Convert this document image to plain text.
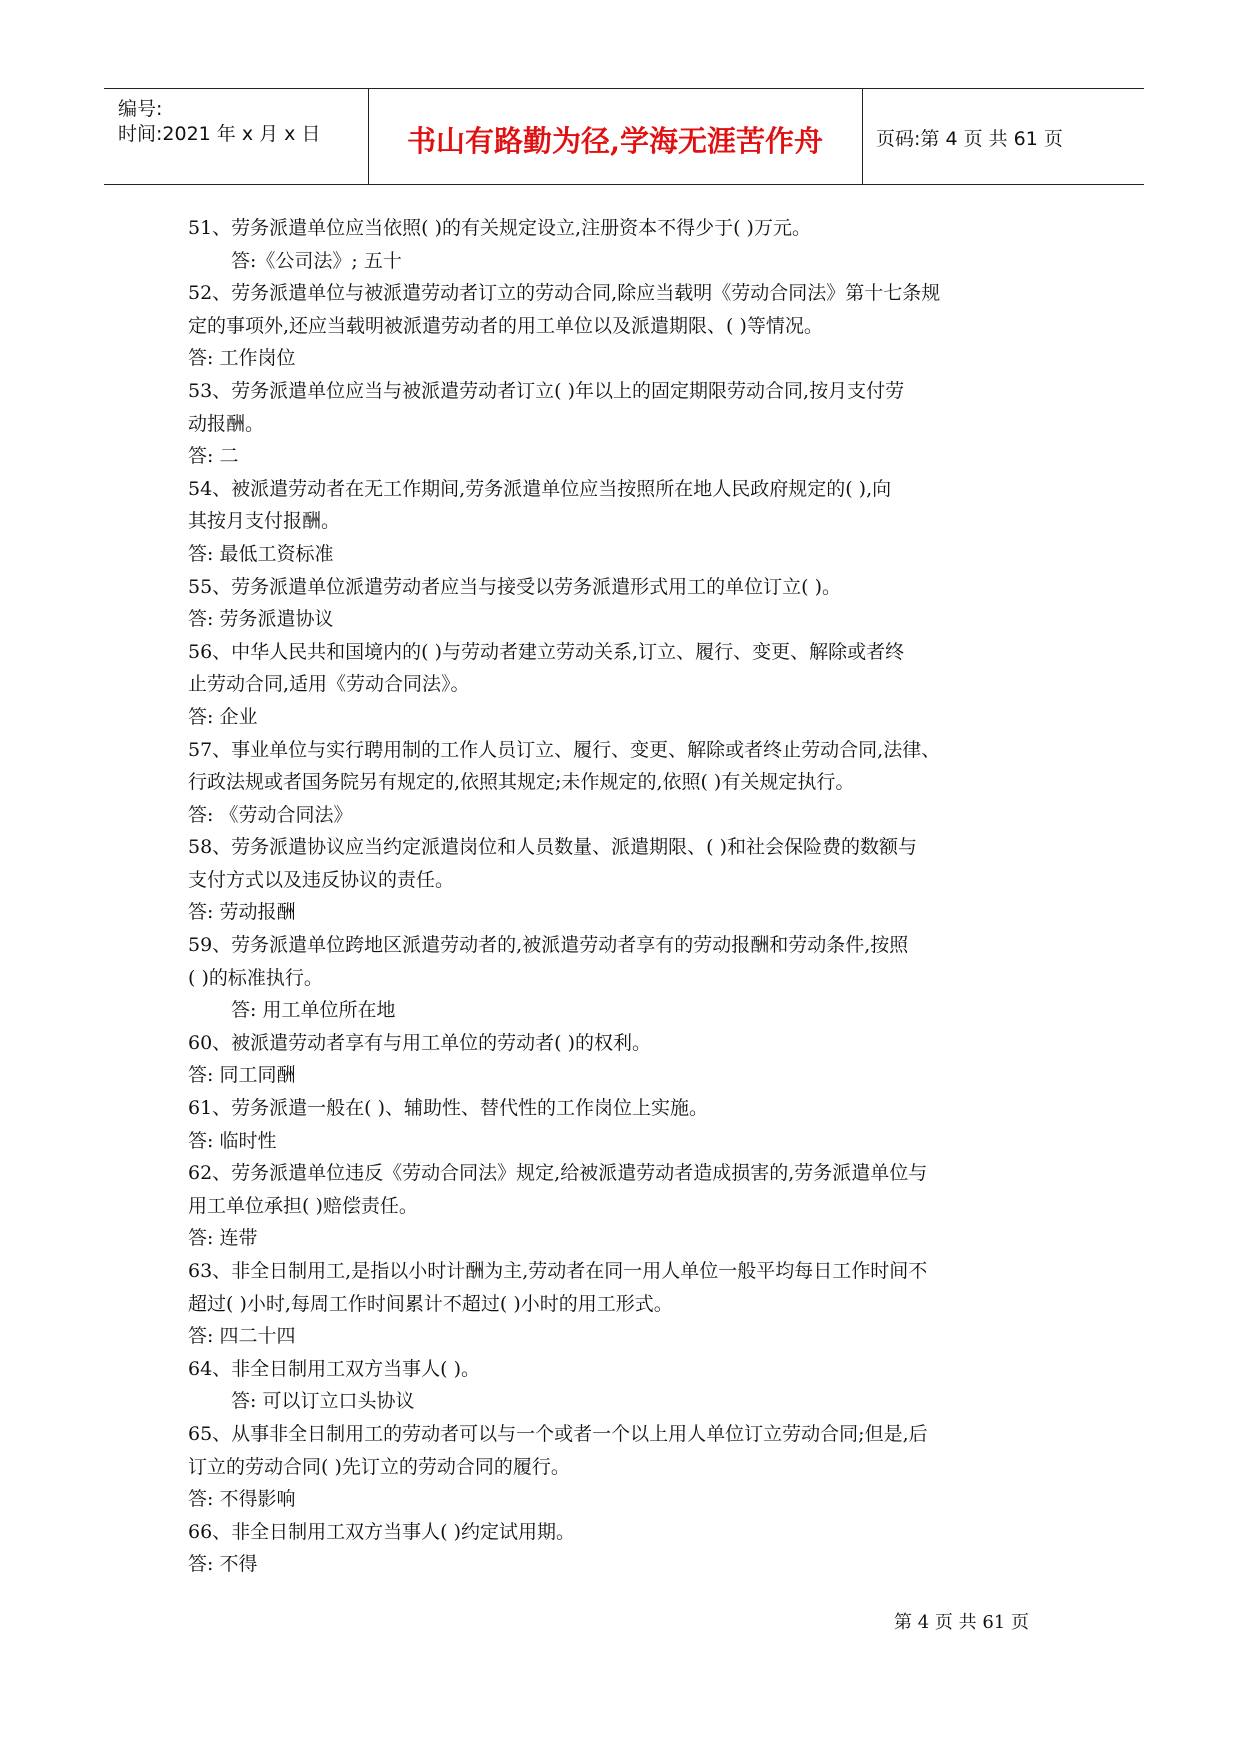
编号:
时间:2021 年 x 月 x 日	书山有路勤为径,学海无涯苦作舟	页码:第 4 页 共 61 页

51、劳务派遣单位应当依照( )的有关规定设立,注册资本不得少于( )万元。

答:《公司法》; 五十

52、劳务派遣单位与被派遣劳动者订立的劳动合同,除应当载明《劳动合同法》第十七条规

定的事项外,还应当载明被派遣劳动者的用工单位以及派遣期限、( )等情况。

答: 工作岗位

53、劳务派遣单位应当与被派遣劳动者订立( )年以上的固定期限劳动合同,按月支付劳

动报酬。

答: 二

54、被派遣劳动者在无工作期间,劳务派遣单位应当按照所在地人民政府规定的( ),向

其按月支付报酬。

答: 最低工资标准

55、劳务派遣单位派遣劳动者应当与接受以劳务派遣形式用工的单位订立( )。

答: 劳务派遣协议

56、中华人民共和国境内的( )与劳动者建立劳动关系,订立、履行、变更、解除或者终

止劳动合同,适用《劳动合同法》。

答: 企业

57、事业单位与实行聘用制的工作人员订立、履行、变更、解除或者终止劳动合同,法律、

行政法规或者国务院另有规定的,依照其规定;未作规定的,依照( )有关规定执行。

答: 《劳动合同法》

58、劳务派遣协议应当约定派遣岗位和人员数量、派遣期限、( )和社会保险费的数额与

支付方式以及违反协议的责任。

答: 劳动报酬

59、劳务派遣单位跨地区派遣劳动者的,被派遣劳动者享有的劳动报酬和劳动条件,按照

( )的标准执行。

答: 用工单位所在地

60、被派遣劳动者享有与用工单位的劳动者( )的权利。

答: 同工同酬

61、劳务派遣一般在( )、辅助性、替代性的工作岗位上实施。

答: 临时性

62、劳务派遣单位违反《劳动合同法》规定,给被派遣劳动者造成损害的,劳务派遣单位与

用工单位承担( )赔偿责任。

答: 连带

63、非全日制用工,是指以小时计酬为主,劳动者在同一用人单位一般平均每日工作时间不

超过( )小时,每周工作时间累计不超过( )小时的用工形式。

答: 四二十四

64、非全日制用工双方当事人( )。

答: 可以订立口头协议

65、从事非全日制用工的劳动者可以与一个或者一个以上用人单位订立劳动合同;但是,后

订立的劳动合同( )先订立的劳动合同的履行。

答: 不得影响

66、非全日制用工双方当事人( )约定试用期。

答: 不得

第 4 页 共 61 页
